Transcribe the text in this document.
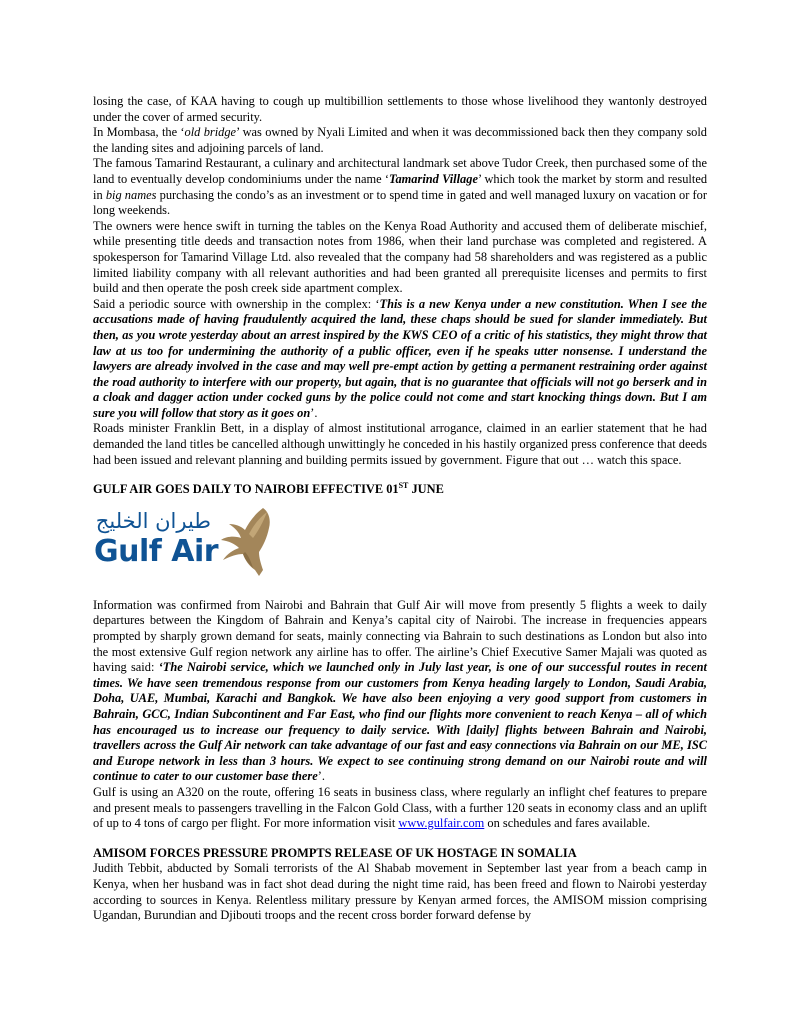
losing the case, of KAA having to cough up multibillion settlements to those whose livelihood they wantonly destroyed under the cover of armed security.

In Mombasa, the ‘old bridge’ was owned by Nyali Limited and when it was decommissioned back then they company sold the landing sites and adjoining parcels of land.

The famous Tamarind Restaurant, a culinary and architectural landmark set above Tudor Creek, then purchased some of the land to eventually develop condominiums under the name ‘Tamarind Village’ which took the market by storm and resulted in big names purchasing the condo’s as an investment or to spend time in gated and well managed luxury on vacation or for long weekends.

The owners were hence swift in turning the tables on the Kenya Road Authority and accused them of deliberate mischief, while presenting title deeds and transaction notes from 1986, when their land purchase was completed and registered. A spokesperson for Tamarind Village Ltd. also revealed that the company had 58 shareholders and was registered as a public limited liability company with all relevant authorities and had been granted all prerequisite licenses and permits to first build and then operate the posh creek side apartment complex.

Said a periodic source with ownership in the complex: ‘This is a new Kenya under a new constitution. When I see the accusations made of having fraudulently acquired the land, these chaps should be sued for slander immediately. But then, as you wrote yesterday about an arrest inspired by the KWS CEO of a critic of his statistics, they might throw that law at us too for undermining the authority of a public officer, even if he speaks utter nonsense. I understand the lawyers are already involved in the case and may well pre-empt action by getting a permanent restraining order against the road authority to interfere with our property, but again, that is no guarantee that officials will not go berserk and in a cloak and dagger action under cocked guns by the police could not come and start knocking things down. But I am sure you will follow that story as it goes on’.

Roads minister Franklin Bett, in a display of almost institutional arrogance, claimed in an earlier statement that he had demanded the land titles be cancelled although unwittingly he conceded in his hastily organized press conference that deeds had been issued and relevant planning and building permits issued by government. Figure that out … watch this space.

GULF AIR GOES DAILY TO NAIROBI EFFECTIVE 01ST JUNE

طيران الخليج
Gulf Air

Information was confirmed from Nairobi and Bahrain that Gulf Air will move from presently 5 flights a week to daily departures between the Kingdom of Bahrain and Kenya’s capital city of Nairobi. The increase in frequencies appears prompted by sharply grown demand for seats, mainly connecting via Bahrain to such destinations as London but also into the most extensive Gulf region network any airline has to offer. The airline’s Chief Executive Samer Majali was quoted as having said: ‘The Nairobi service, which we launched only in July last year, is one of our successful routes in recent times. We have seen tremendous response from our customers from Kenya heading largely to London, Saudi Arabia, Doha, UAE, Mumbai, Karachi and Bangkok. We have also been enjoying a very good support from customers in Bahrain, GCC, Indian Subcontinent and Far East, who find our flights more convenient to reach Kenya – all of which has encouraged us to increase our frequency to daily service. With [daily] flights between Bahrain and Nairobi, travellers across the Gulf Air network can take advantage of our fast and easy connections via Bahrain on our ME, ISC and Europe network in less than 3 hours. We expect to see continuing strong demand on our Nairobi route and will continue to cater to our customer base there’.

Gulf is using an A320 on the route, offering 16 seats in business class, where regularly an inflight chef features to prepare and present meals to passengers travelling in the Falcon Gold Class, with a further 120 seats in economy class and an uplift of up to 4 tons of cargo per flight. For more information visit www.gulfair.com on schedules and fares available.

AMISOM FORCES PRESSURE PROMPTS RELEASE OF UK HOSTAGE IN SOMALIA

Judith Tebbit, abducted by Somali terrorists of the Al Shabab movement in September last year from a beach camp in Kenya, when her husband was in fact shot dead during the night time raid, has been freed and flown to Nairobi yesterday according to sources in Kenya. Relentless military pressure by Kenyan armed forces, the AMISOM mission comprising Ugandan, Burundian and Djibouti troops and the recent cross border forward defense by
